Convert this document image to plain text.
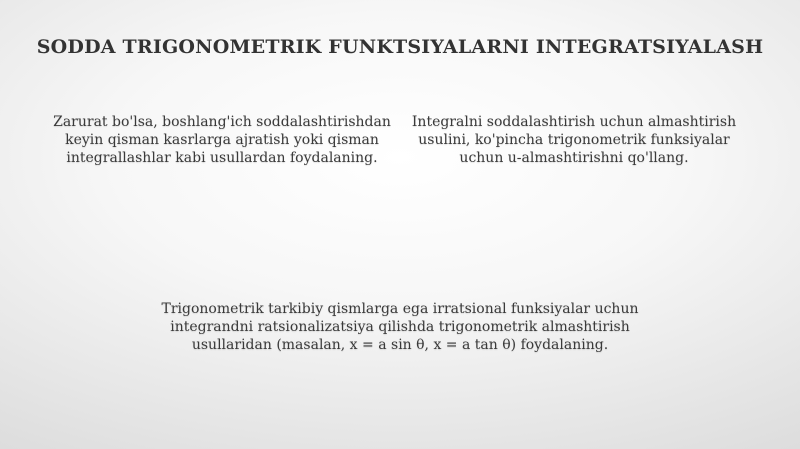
SODDA TRIGONOMETRIK FUNKTSIYALARNI INTEGRATSIYALASH
Zarurat bo'lsa, boshlang'ich soddalashtirishdan keyin qisman kasrlarga ajratish yoki qisman integrallashlar kabi usullardan foydalaning.
Integralni soddalashtirish uchun almashtirish usulini, ko'pincha trigonometrik funksiyalar uchun u-almashtirishni qo'llang.
Trigonometrik tarkibiy qismlarga ega irratsional funksiyalar uchun integrandni ratsionalizatsiya qilishda trigonometrik almashtirish usullaridan (masalan, x = a sin θ, x = a tan θ) foydalaning.
